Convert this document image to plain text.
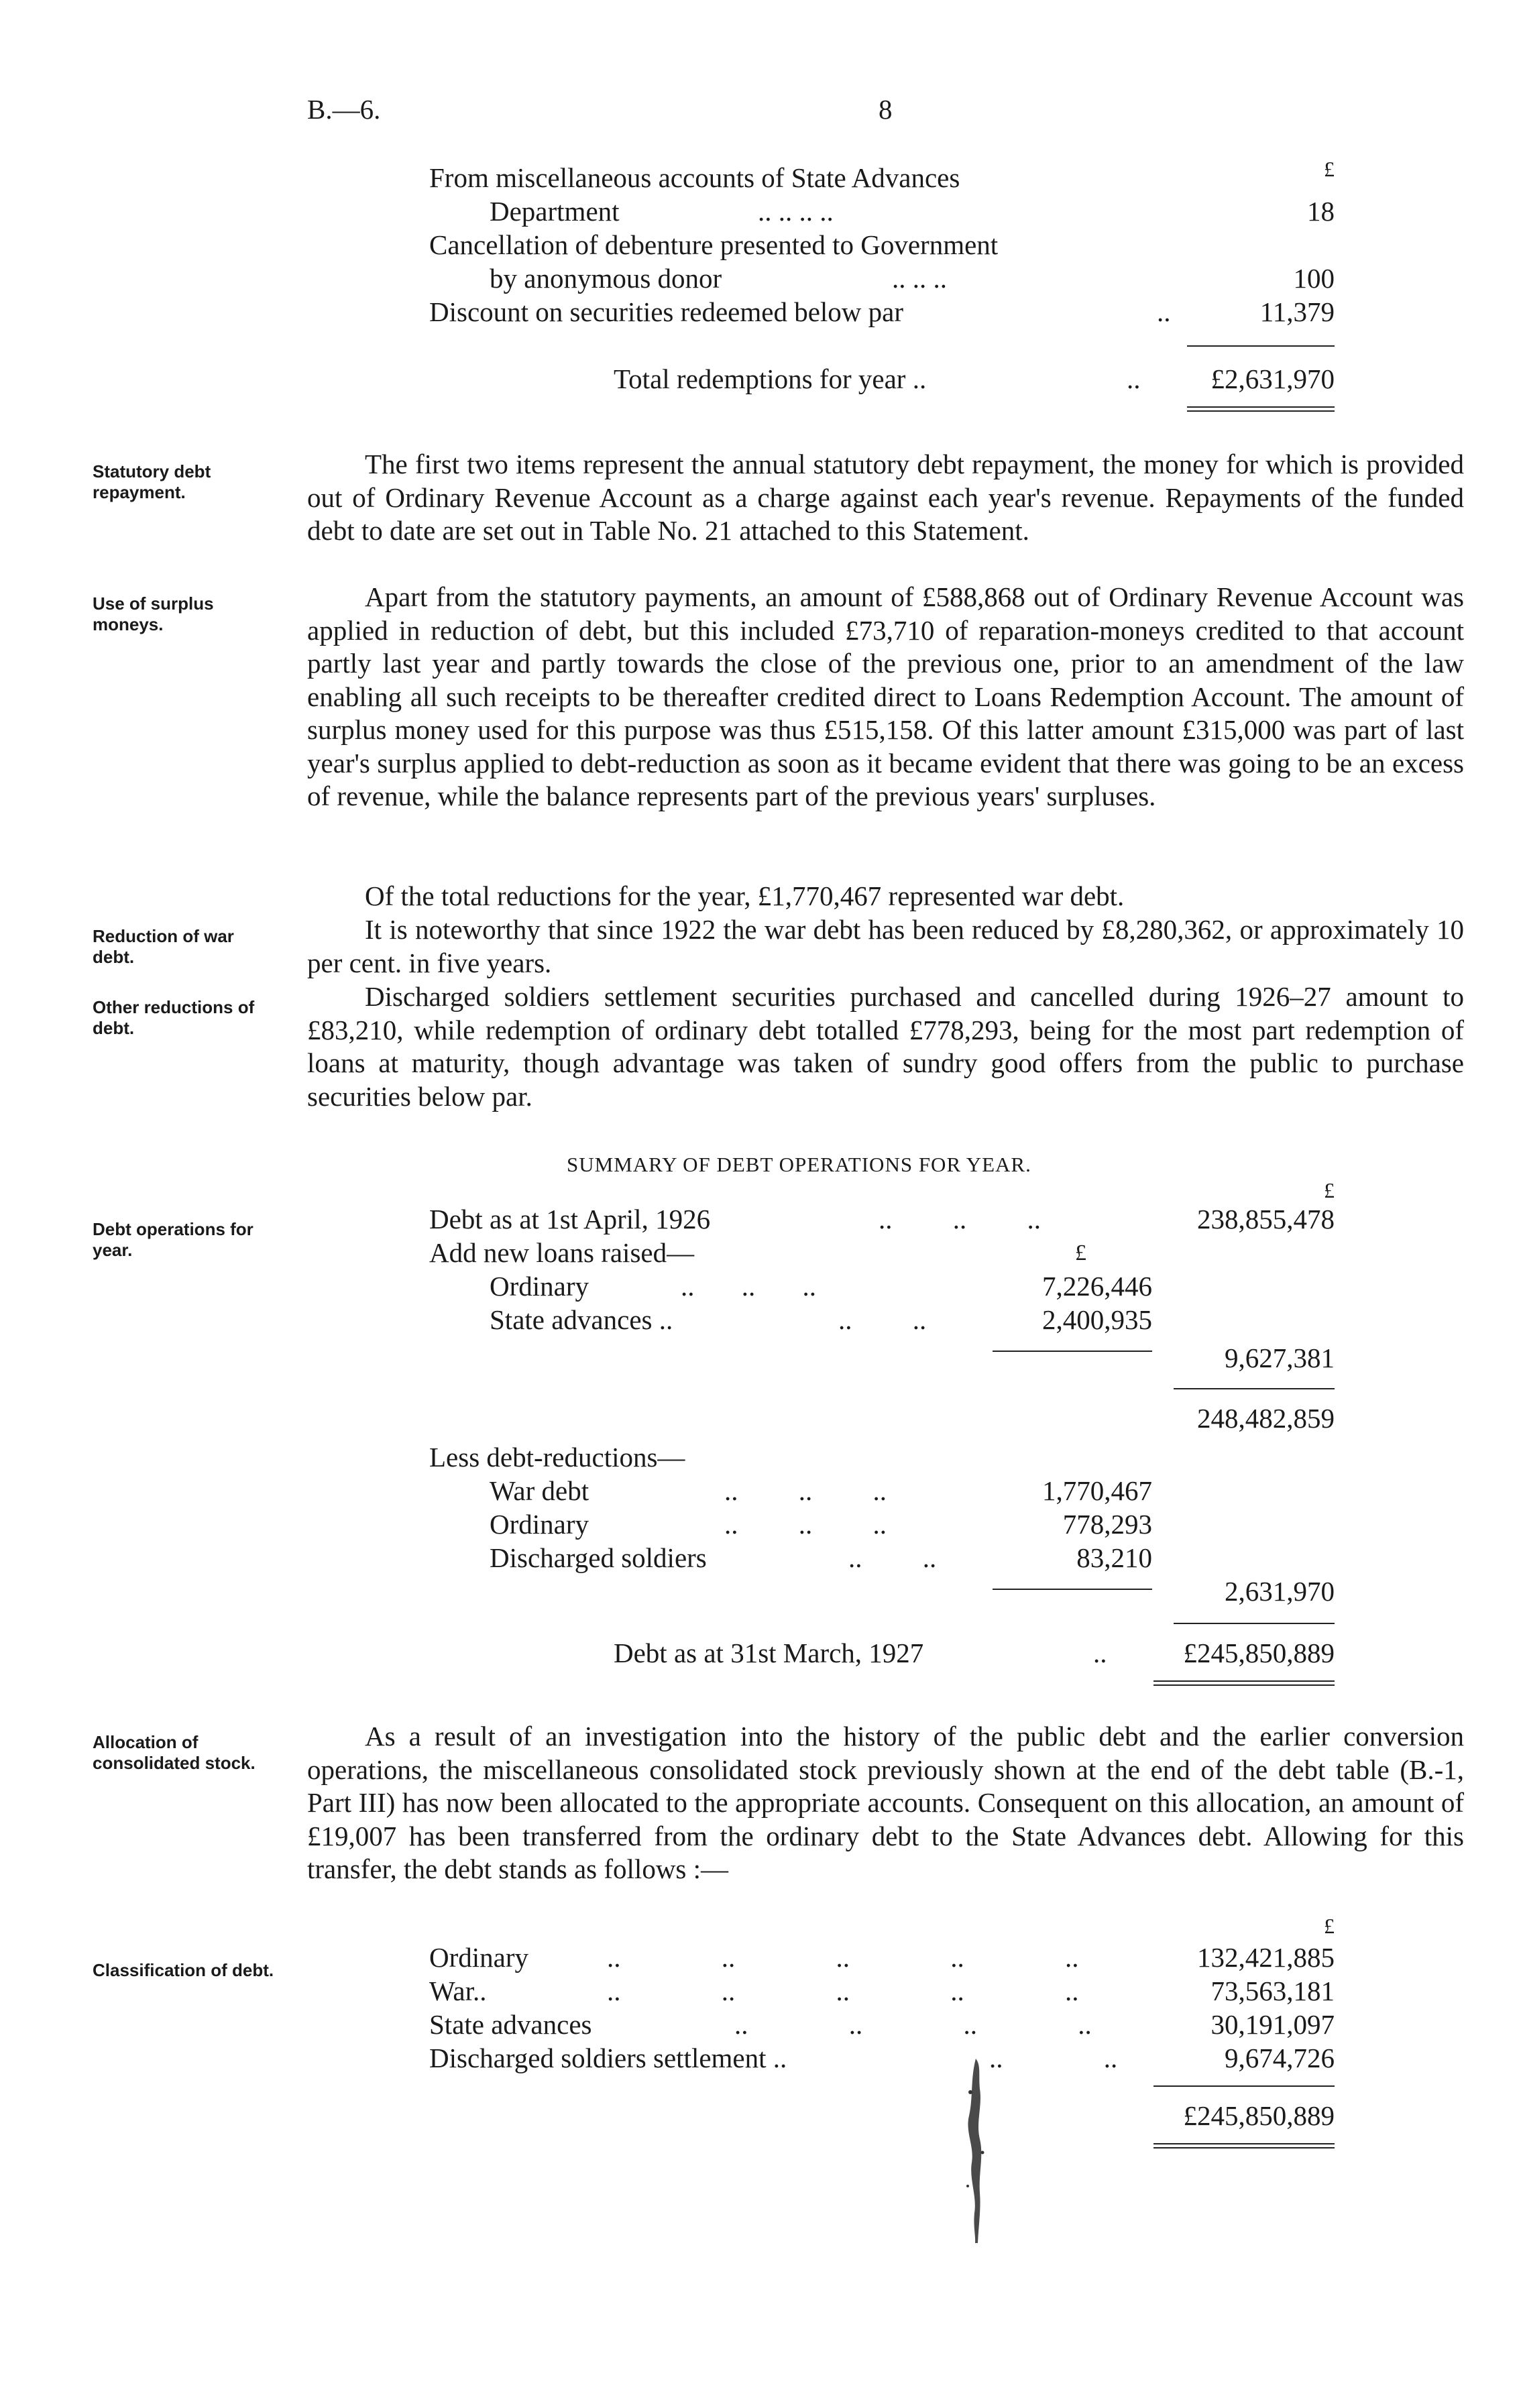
B.—6.	8
£
From miscellaneous accounts of State Advances
Department	.. .. .. ..	18
Cancellation of debenture presented to Government
by anonymous donor	.. .. ..	100
Discount on securities redeemed below par	..	11,379
Total redemptions for year ..	..	£2,631,970
Statutory debt
repayment.
Use of surplus
moneys.
Reduction of war
debt.
Other reductions of
debt.
Debt operations for
year.
Allocation of
consolidated stock.
Classification of debt.

The first two items represent the annual statutory debt repayment, the money for which is provided out of Ordinary Revenue Account as a charge against each year's revenue. Repayments of the funded debt to date are set out in Table No. 21 attached to this Statement.

Apart from the statutory payments, an amount of £588,868 out of Ordinary Revenue Account was applied in reduction of debt, but this included £73,710 of reparation-moneys credited to that account partly last year and partly towards the close of the previous one, prior to an amendment of the law enabling all such receipts to be thereafter credited direct to Loans Redemption Account. The amount of surplus money used for this purpose was thus £515,158. Of this latter amount £315,000 was part of last year's surplus applied to debt-reduction as soon as it became evident that there was going to be an excess of revenue, while the balance represents part of the previous years' surpluses.

Of the total reductions for the year, £1,770,467 represented war debt.

It is noteworthy that since 1922 the war debt has been reduced by £8,280,362, or approximately 10 per cent. in five years.

Discharged soldiers settlement securities purchased and cancelled during 1926–27 amount to £83,210, while redemption of ordinary debt totalled £778,293, being for the most part redemption of loans at maturity, though advantage was taken of sundry good offers from the public to purchase securities below par.

SUMMARY OF DEBT OPERATIONS FOR YEAR.
£
Debt as at 1st April, 1926	.. .. ..	238,855,478
Add new loans raised—	£
Ordinary	.. .. ..	7,226,446
State advances ..	.. ..	2,400,935
9,627,381
248,482,859
Less debt-reductions—
War debt	.. .. ..	1,770,467
Ordinary	.. .. ..	778,293
Discharged soldiers	.. ..	83,210
2,631,970
Debt as at 31st March, 1927	..	£245,850,889

As a result of an investigation into the history of the public debt and the earlier conversion operations, the miscellaneous consolidated stock previously shown at the end of the debt table (B.-1, Part III) has now been allocated to the appropriate accounts. Consequent on this allocation, an amount of £19,007 has been transferred from the ordinary debt to the State Advances debt. Allowing for this transfer, the debt stands as follows :—

£
Ordinary	.. .. .. .. ..	132,421,885
War..	.. .. .. .. ..	73,563,181
State advances	.. .. .. ..	30,191,097
Discharged soldiers settlement ..	.. ..	9,674,726
£245,850,889
